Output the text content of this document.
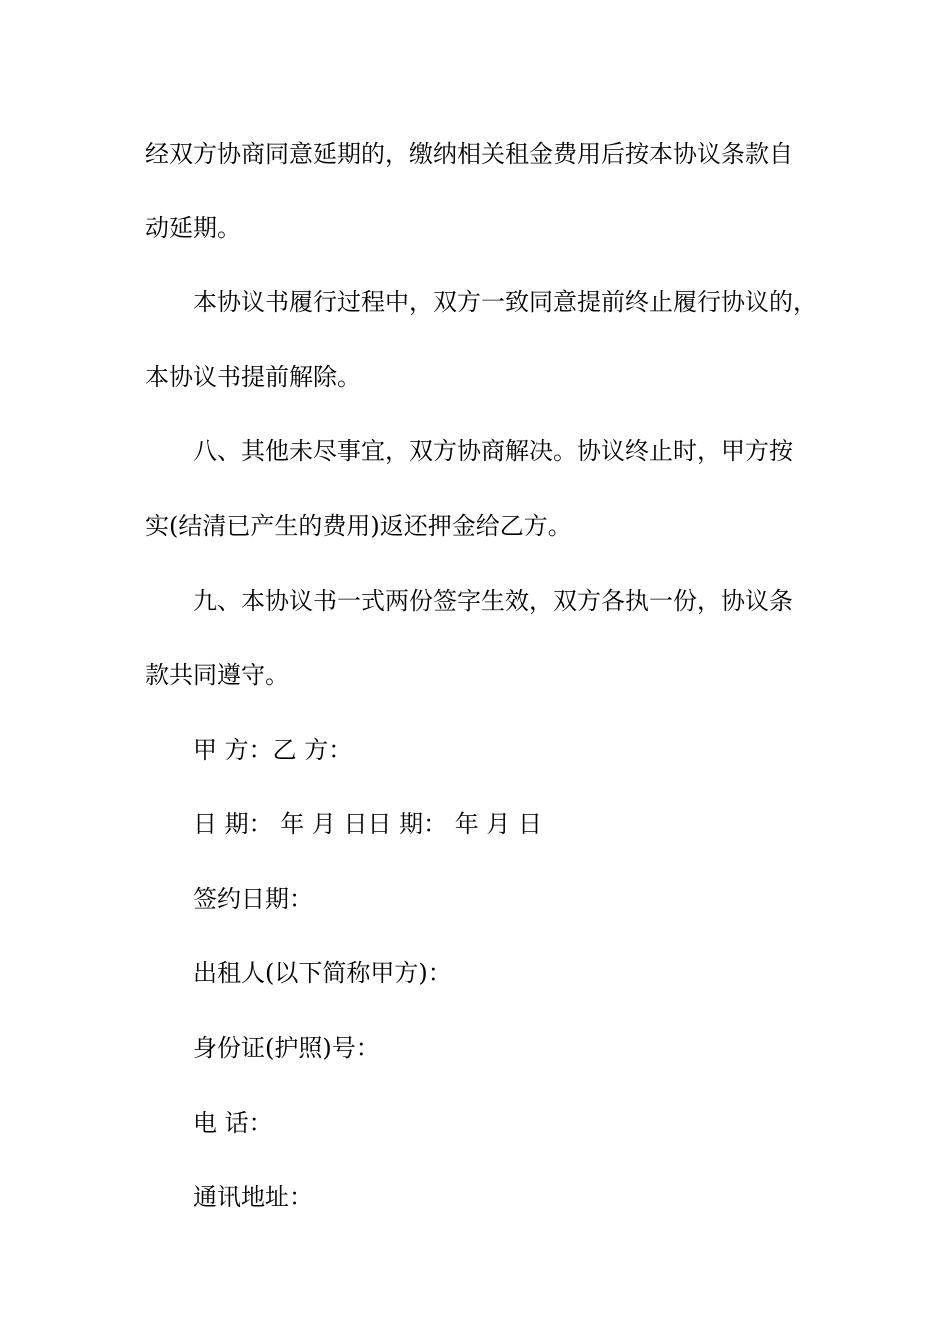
经双方协商同意延期的，缴纳相关租金费用后按本协议条款自
动延期。
本协议书履行过程中，双方一致同意提前终止履行协议的，
本协议书提前解除。
八、其他未尽事宜，双方协商解决。协议终止时，甲方按
实(结清已产生的费用)返还押金给乙方。
九、本协议书一式两份签字生效，双方各执一份，协议条
款共同遵守。
甲 方：乙 方：
日 期： 年 月 日日 期： 年 月 日
签约日期：
出租人(以下简称甲方)：
身份证(护照)号：
电 话：
通讯地址：
